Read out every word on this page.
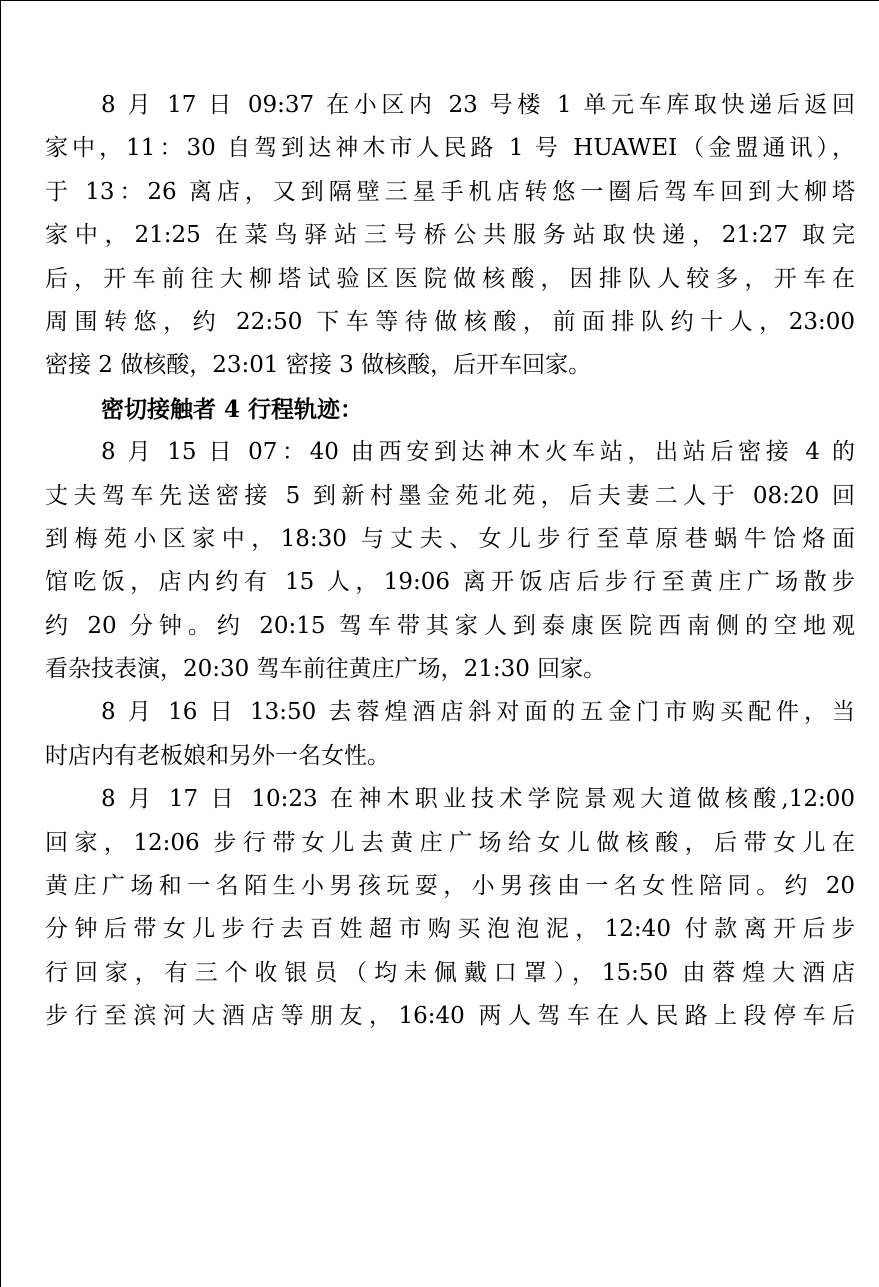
8 月 17 日 09:37 在小区内 23 号楼 1 单元车库取快递后返回
家中，11：30 自驾到达神木市人民路 1 号 HUAWEI（金盟通讯），
于 13：26 离店，又到隔壁三星手机店转悠一圈后驾车回到大柳塔
家中，21:25 在菜鸟驿站三号桥公共服务站取快递，21:27 取完
后，开车前往大柳塔试验区医院做核酸，因排队人较多，开车在
周围转悠，约 22:50 下车等待做核酸，前面排队约十人，23:00
密接 2 做核酸，23:01 密接 3 做核酸，后开车回家。
密切接触者 4 行程轨迹：
8 月 15 日 07：40 由西安到达神木火车站，出站后密接 4 的
丈夫驾车先送密接 5 到新村墨金苑北苑，后夫妻二人于 08:20 回
到梅苑小区家中，18:30 与丈夫、女儿步行至草原巷蜗牛饸烙面
馆吃饭，店内约有 15 人，19:06 离开饭店后步行至黄庄广场散步
约 20 分钟。约 20:15 驾车带其家人到泰康医院西南侧的空地观
看杂技表演，20:30 驾车前往黄庄广场，21:30 回家。
8 月 16 日 13:50 去蓉煌酒店斜对面的五金门市购买配件，当
时店内有老板娘和另外一名女性。
8 月 17 日 10:23 在神木职业技术学院景观大道做核酸,12:00
回家，12:06 步行带女儿去黄庄广场给女儿做核酸，后带女儿在
黄庄广场和一名陌生小男孩玩耍，小男孩由一名女性陪同。约 20
分钟后带女儿步行去百姓超市购买泡泡泥，12:40 付款离开后步
行回家，有三个收银员（均未佩戴口罩），15:50 由蓉煌大酒店
步行至滨河大酒店等朋友，16:40 两人驾车在人民路上段停车后
